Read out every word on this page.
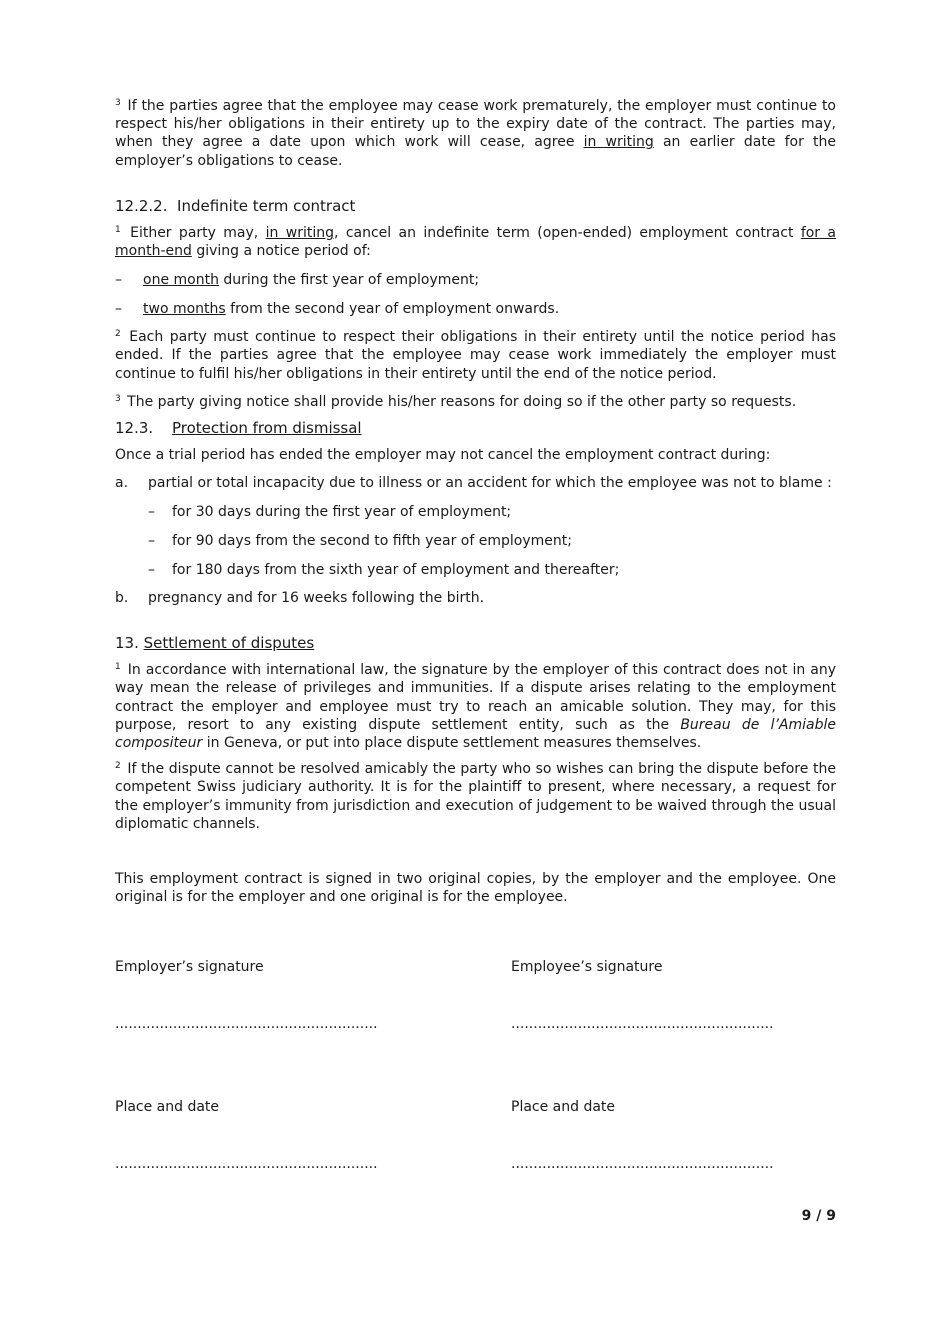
$^3$ If the parties agree that the employee may cease work prematurely, the employer must continue to respect his/her obligations in their entirety up to the expiry date of the contract. The parties may, when they agree a date upon which work will cease, agree in writing an earlier date for the employer’s obligations to cease.

12.2.2. Indefinite term contract

$^1$ Either party may, in writing, cancel an indefinite term (open-ended) employment contract for a month-end giving a notice period of:

– one month during the first year of employment;
– two months from the second year of employment onwards.

$^2$ Each party must continue to respect their obligations in their entirety until the notice period has ended. If the parties agree that the employee may cease work immediately the employer must continue to fulfil his/her obligations in their entirety until the end of the notice period.

$^3$ The party giving notice shall provide his/her reasons for doing so if the other party so requests.

12.3. Protection from dismissal

Once a trial period has ended the employer may not cancel the employment contract during:

a. partial or total incapacity due to illness or an accident for which the employee was not to blame :
– for 30 days during the first year of employment;
– for 90 days from the second to fifth year of employment;
– for 180 days from the sixth year of employment and thereafter;
b. pregnancy and for 16 weeks following the birth.
13. Settlement of disputes

$^1$ In accordance with international law, the signature by the employer of this contract does not in any way mean the release of privileges and immunities. If a dispute arises relating to the employment contract the employer and employee must try to reach an amicable solution. They may, for this purpose, resort to any existing dispute settlement entity, such as the Bureau de l’Amiable compositeur in Geneva, or put into place dispute settlement measures themselves.

$^2$ If the dispute cannot be resolved amicably the party who so wishes can bring the dispute before the competent Swiss judiciary authority. It is for the plaintiff to present, where necessary, a request for the employer’s immunity from jurisdiction and execution of judgement to be waived through the usual diplomatic channels.

This employment contract is signed in two original copies, by the employer and the employee. One original is for the employer and one original is for the employee.

Employer’s signature	Employee’s signature
...........................................................	...........................................................
Place and date	Place and date
...........................................................	...........................................................
9 / 9
